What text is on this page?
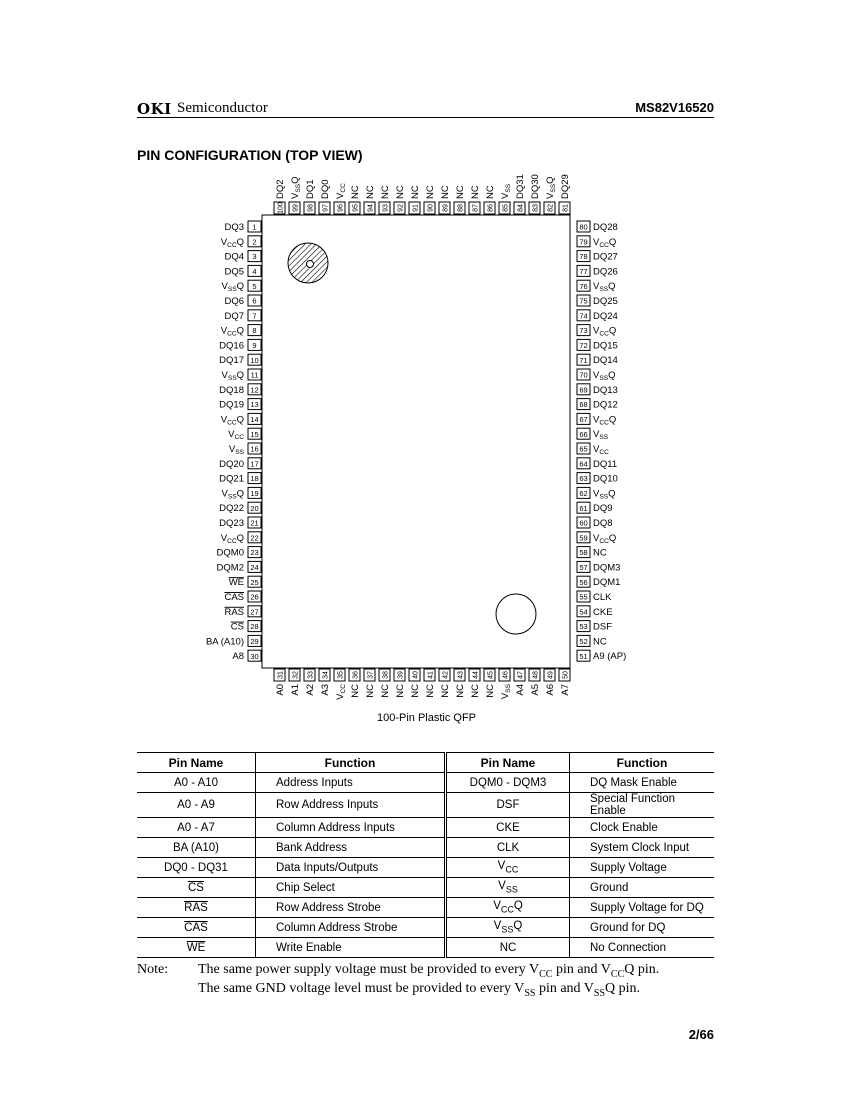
OKI Semiconductor	MS82V16520
PIN CONFIGURATION (TOP VIEW)
1
DQ3
2
$V_{CC}Q$
3
DQ4
4
DQ5
5
$V_{SS}Q$
6
DQ6
7
DQ7
8
$V_{CC}Q$
9
DQ16
10
DQ17
11
$V_{SS}Q$
12
DQ18
13
DQ19
14
$V_{CC}Q$
15
$V_{CC}$
16
$V_{SS}$
17
DQ20
18
DQ21
19
$V_{SS}Q$
20
DQ22
21
DQ23
22
$V_{CC}Q$
23
DQM0
24
DQM2
25
WE
26
CAS
27
RAS
28
CS
29
BA (A10)
30
A8
80 DQ28
79 $V_{CC}Q$
78 DQ27
77 DQ26
76 $V_{SS}Q$
75 DQ25
74 DQ24
73 $V_{CC}Q$
72 DQ15
71 DQ14
70 $V_{SS}Q$
69 DQ13
68 DQ12
67 $V_{CC}Q$
66 $V_{SS}$
65 $V_{CC}$
64 DQ11
63 DQ10
62 $V_{SS}Q$
61 DQ9
60 DQ8
59 $V_{CC}Q$
58 NC
57 DQM3
56 DQM1
55 CLK
54 CKE
53 DSF
52 NC
51 A9 (AP)
100
DQ2
99
$V_{SS}Q$
98
DQ1
97
DQ0
96
$V_{CC}$
95
NC
94
NC
93
NC
92
NC
91
NC
90
NC
89
NC
88
NC
87
NC
86
NC
85
$V_{SS}$
84
DQ31
83
DQ30
82
$V_{SS}Q$
81
DQ29
31
A0
32
A1
33
A2
34
A3
35
$V_{CC}$
36
NC
37
NC
38
NC
39
NC
40
NC
41
NC
42
NC
43
NC
44
NC
45
NC
46
$V_{SS}$
47
A4
48
A5
49
A6
50
A7
100-Pin Plastic QFP
Pin Name	Function	Pin Name	Function
A0 - A10	Address Inputs	DQM0 - DQM3	DQ Mask Enable
A0 - A9	Row Address Inputs	DSF	Special Function Enable
A0 - A7	Column Address Inputs	CKE	Clock Enable
BA (A10)	Bank Address	CLK	System Clock Input
DQ0 - DQ31	Data Inputs/Outputs	$V_{CC}$	Supply Voltage
$\overline{CS}$	Chip Select	$V_{SS}$	Ground
$\overline{RAS}$	Row Address Strobe	$V_{CC}Q$	Supply Voltage for DQ
$\overline{CAS}$	Column Address Strobe	$V_{SS}Q$	Ground for DQ
$\overline{WE}$	Write Enable	NC	No Connection
Note: The same power supply voltage must be provided to every $V_{CC}$ pin and $V_{CC}Q$ pin.
The same GND voltage level must be provided to every $V_{SS}$ pin and $V_{SS}Q$ pin.
2/66
